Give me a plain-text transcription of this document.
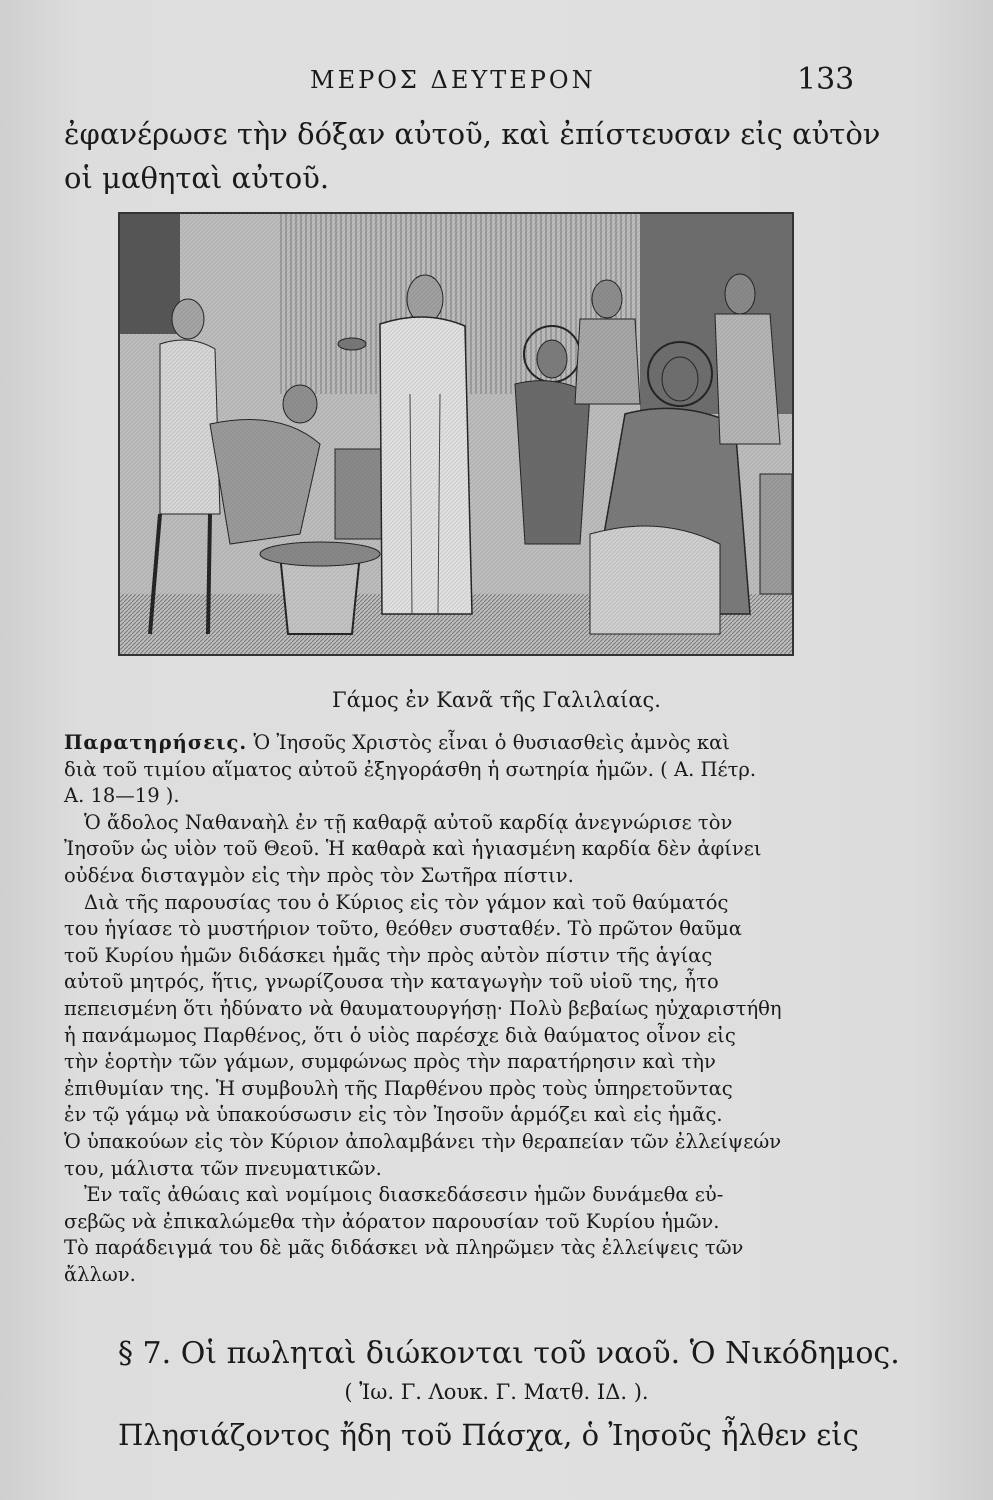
ΜΕΡΟΣ ΔΕΥΤΕΡΟΝ	133
ἐφανέρωσε τὴν δόξαν αὐτοῦ, καὶ ἐπίστευσαν εἰς αὐτὸν
οἱ μαθηταὶ αὐτοῦ.
Γάμος ἐν Κανᾶ τῆς Γαλιλαίας.
Παρατηρήσεις. Ὁ Ἰησοῦς Χριστὸς εἶναι ὁ θυσιασθεὶς ἀμνὸς καὶ
διὰ τοῦ τιμίου αἵματος αὐτοῦ ἐξηγοράσθη ἡ σωτηρία ἡμῶν. ( Α. Πέτρ.
Α. 18—19 ).
Ὁ ἄδολος Ναθαναὴλ ἐν τῇ καθαρᾷ αὐτοῦ καρδίᾳ ἀνεγνώρισε τὸν
Ἰησοῦν ὡς υἱὸν τοῦ Θεοῦ. Ἡ καθαρὰ καὶ ἡγιασμένη καρδία δὲν ἀφίνει
οὐδένα δισταγμὸν εἰς τὴν πρὸς τὸν Σωτῆρα πίστιν.
Διὰ τῆς παρουσίας του ὁ Κύριος εἰς τὸν γάμον καὶ τοῦ θαύματός
του ἡγίασε τὸ μυστήριον τοῦτο, θεόθεν συσταθέν. Τὸ πρῶτον θαῦμα
τοῦ Κυρίου ἡμῶν διδάσκει ἡμᾶς τὴν πρὸς αὐτὸν πίστιν τῆς ἁγίας
αὐτοῦ μητρός, ἥτις, γνωρίζουσα τὴν καταγωγὴν τοῦ υἱοῦ της, ἦτο
πεπεισμένη ὅτι ἠδύνατο νὰ θαυματουργήσῃ· Πολὺ βεβαίως ηὐχαριστήθη
ἡ πανάμωμος Παρθένος, ὅτι ὁ υἱὸς παρέσχε διὰ θαύματος οἶνον εἰς
τὴν ἑορτὴν τῶν γάμων, συμφώνως πρὸς τὴν παρατήρησιν καὶ τὴν
ἐπιθυμίαν της. Ἡ συμβουλὴ τῆς Παρθένου πρὸς τοὺς ὑπηρετοῦντας
ἐν τῷ γάμῳ νὰ ὑπακούσωσιν εἰς τὸν Ἰησοῦν ἁρμόζει καὶ εἰς ἡμᾶς.
Ὁ ὑπακούων εἰς τὸν Κύριον ἀπολαμβάνει τὴν θεραπείαν τῶν ἐλλείψεών
του, μάλιστα τῶν πνευματικῶν.
Ἐν ταῖς ἀθώαις καὶ νομίμοις διασκεδάσεσιν ἡμῶν δυνάμεθα εὐ-
σεβῶς νὰ ἐπικαλώμεθα τὴν ἀόρατον παρουσίαν τοῦ Κυρίου ἡμῶν.
Τὸ παράδειγμά του δὲ μᾶς διδάσκει νὰ πληρῶμεν τὰς ἐλλείψεις τῶν
ἄλλων.
§ 7. Οἱ πωληταὶ διώκονται τοῦ ναοῦ. Ὁ Νικόδημος.
( Ἰω. Γ. Λουκ. Γ. Ματθ. ΙΔ. ).
Πλησιάζοντος ἤδη τοῦ Πάσχα, ὁ Ἰησοῦς ἦλθεν εἰς
